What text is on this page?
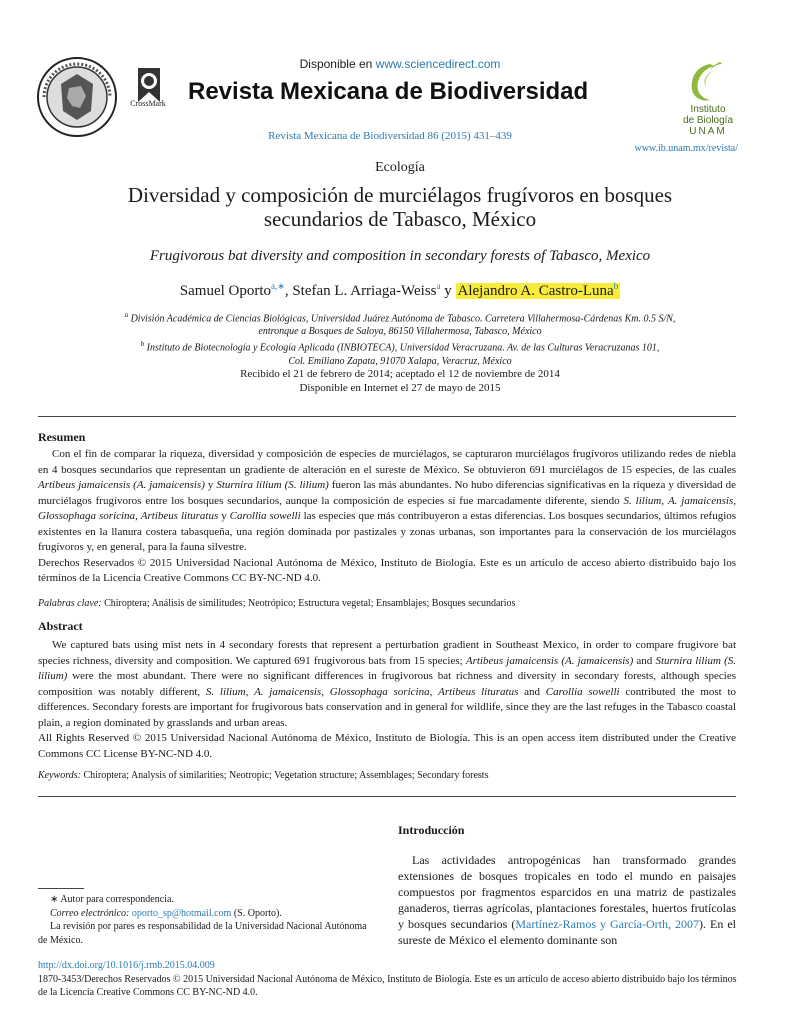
Disponible en www.sciencedirect.com
CrossMark Revista Mexicana de Biodiversidad
Revista Mexicana de Biodiversidad 86 (2015) 431–439
Instituto
de Biología
UNAM
www.ib.unam.mx/revista/
Ecología
Diversidad y composición de murciélagos frugívoros en bosques
secundarios de Tabasco, México
Frugivorous bat diversity and composition in secondary forests of Tabasco, Mexico
Samuel Oporto$^{a,∗}$, Stefan L. Arriaga-Weiss$^a$ y Alejandro A. Castro-Luna$^b$
$^a$ División Académica de Ciencias Biológicas, Universidad Juárez Autónoma de Tabasco. Carretera Villahermosa-Cárdenas Km. 0.5 S/N,
entronque a Bosques de Saloya, 86150 Villahermosa, Tabasco, México
$^b$ Instituto de Biotecnología y Ecología Aplicada (INBIOTECA), Universidad Veracruzana. Av. de las Culturas Veracruzanas 101,
Col. Emiliano Zapata, 91070 Xalapa, Veracruz, México
Recibido el 21 de febrero de 2014; aceptado el 12 de noviembre de 2014
Disponible en Internet el 27 de mayo de 2015
Resumen
Con el fin de comparar la riqueza, diversidad y composición de especies de murciélagos, se capturaron murciélagos frugívoros utilizando redes de niebla en 4 bosques secundarios que representan un gradiente de alteración en el sureste de México. Se obtuvieron 691 murciélagos de 15 especies, de las cuales Artibeus jamaicensis (A. jamaicensis) y Sturnira lilium (S. lilium) fueron las más abundantes. No hubo diferencias significativas en la riqueza y diversidad de murciélagos frugívoros entre los bosques secundarios, aunque la composición de especies sí fue marcadamente diferente, siendo S. lilium, A. jamaicensis, Glossophaga soricina, Artibeus lituratus y Carollia sowelli las especies que más contribuyeron a estas diferencias. Los bosques secundarios, últimos refugios existentes en la llanura costera tabasqueña, una región dominada por pastizales y zonas urbanas, son importantes para la conservación de los murciélagos frugívoros y, en general, para la fauna silvestre.
Derechos Reservados © 2015 Universidad Nacional Autónoma de México, Instituto de Biología. Este es un artículo de acceso abierto distribuido bajo los términos de la Licencia Creative Commons CC BY-NC-ND 4.0.
Palabras clave: Chiroptera; Análisis de similitudes; Neotrópico; Estructura vegetal; Ensamblajes; Bosques secundarios
Abstract
We captured bats using mist nets in 4 secondary forests that represent a perturbation gradient in Southeast Mexico, in order to compare frugivore bat species richness, diversity and composition. We captured 691 frugivorous bats from 15 species; Artibeus jamaicensis (A. jamaicensis) and Sturnira lilium (S. lilium) were the most abundant. There were no significant differences in frugivorous bat richness and diversity in secondary forests, although species composition was notably different, S. lilium, A. jamaicensis, Glossophaga soricina, Artibeus lituratus and Carollia sowelli contributed the most to differences. Secondary forests are important for frugivorous bats conservation and in general for wildlife, since they are the last refuges in the Tabasco coastal plain, a region dominated by grasslands and urban areas.
All Rights Reserved © 2015 Universidad Nacional Autónoma de México, Instituto de Biología. This is an open access item distributed under the Creative Commons CC License BY-NC-ND 4.0.
Keywords: Chiroptera; Analysis of similarities; Neotropic; Vegetation structure; Assemblages; Secondary forests
Introducción
Las actividades antropogénicas han transformado grandes extensiones de bosques tropicales en todo el mundo en paisajes compuestos por fragmentos esparcidos en una matriz de pastizales ganaderos, tierras agrícolas, plantaciones forestales, huertos frutícolas y bosques secundarios (Martínez-Ramos y García-Orth, 2007). En el sureste de México el elemento dominante son
∗ Autor para correspondencia.
Correo electrónico: oporto_sp@hotmail.com (S. Oporto).
La revisión por pares es responsabilidad de la Universidad Nacional Autónoma de México.
http://dx.doi.org/10.1016/j.rmb.2015.04.009
1870-3453/Derechos Reservados © 2015 Universidad Nacional Autónoma de México, Instituto de Biología. Este es un artículo de acceso abierto distribuido bajo los términos de la Licencia Creative Commons CC BY-NC-ND 4.0.
